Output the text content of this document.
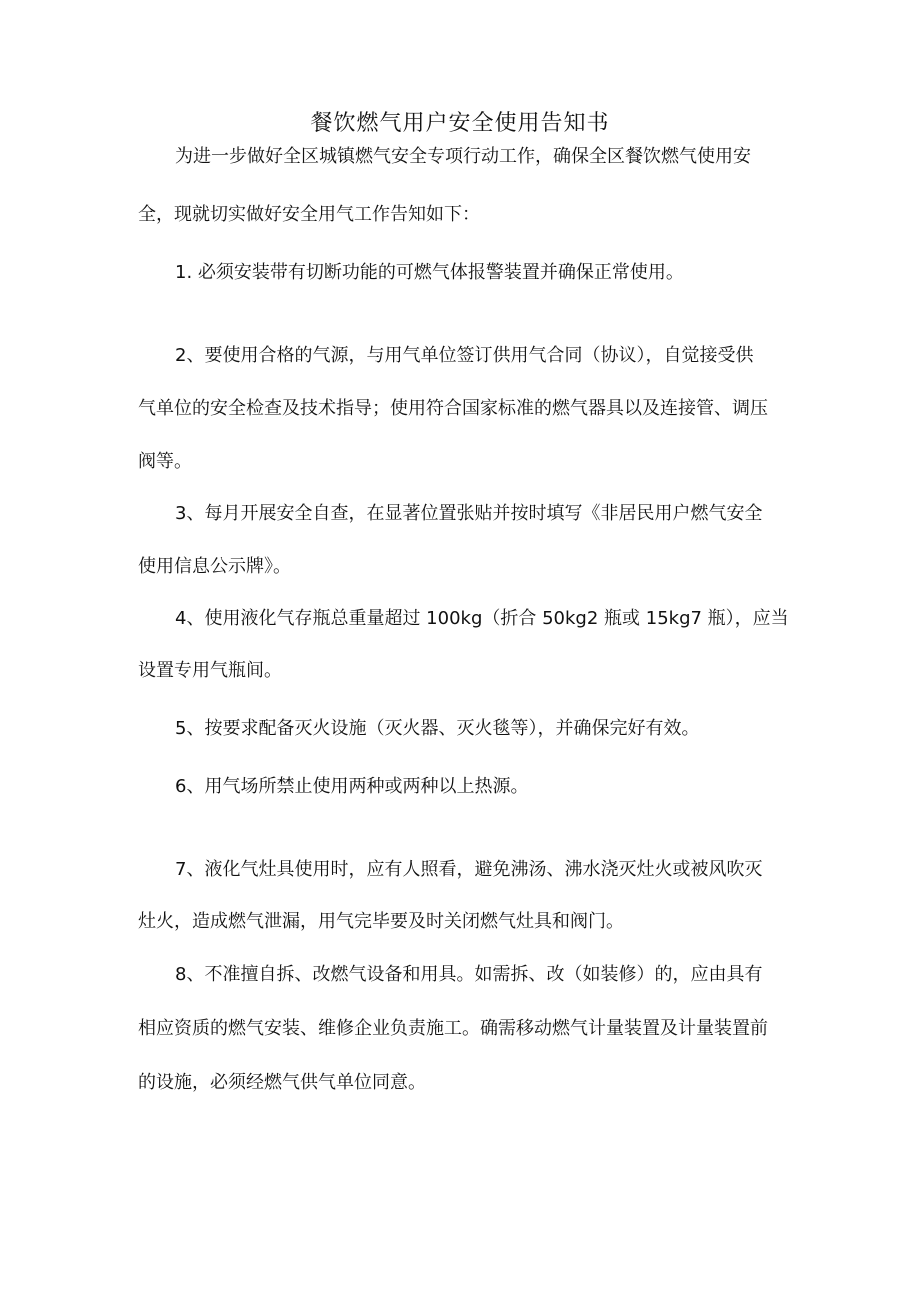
餐饮燃气用户安全使用告知书
为进一步做好全区城镇燃气安全专项行动工作，确保全区餐饮燃气使用安
全，现就切实做好安全用气工作告知如下：
1. 必须安装带有切断功能的可燃气体报警装置并确保正常使用。
2、要使用合格的气源，与用气单位签订供用气合同（协议），自觉接受供
气单位的安全检查及技术指导；使用符合国家标准的燃气器具以及连接管、调压
阀等。
3、每月开展安全自查，在显著位置张贴并按时填写《非居民用户燃气安全
使用信息公示牌》。
4、使用液化气存瓶总重量超过 100kg（折合 50kg2 瓶或 15kg7 瓶），应当
设置专用气瓶间。
5、按要求配备灭火设施（灭火器、灭火毯等），并确保完好有效。
6、用气场所禁止使用两种或两种以上热源。
7、液化气灶具使用时，应有人照看，避免沸汤、沸水浇灭灶火或被风吹灭
灶火，造成燃气泄漏，用气完毕要及时关闭燃气灶具和阀门。
8、不准擅自拆、改燃气设备和用具。如需拆、改（如装修）的，应由具有
相应资质的燃气安装、维修企业负责施工。确需移动燃气计量装置及计量装置前
的设施，必须经燃气供气单位同意。
